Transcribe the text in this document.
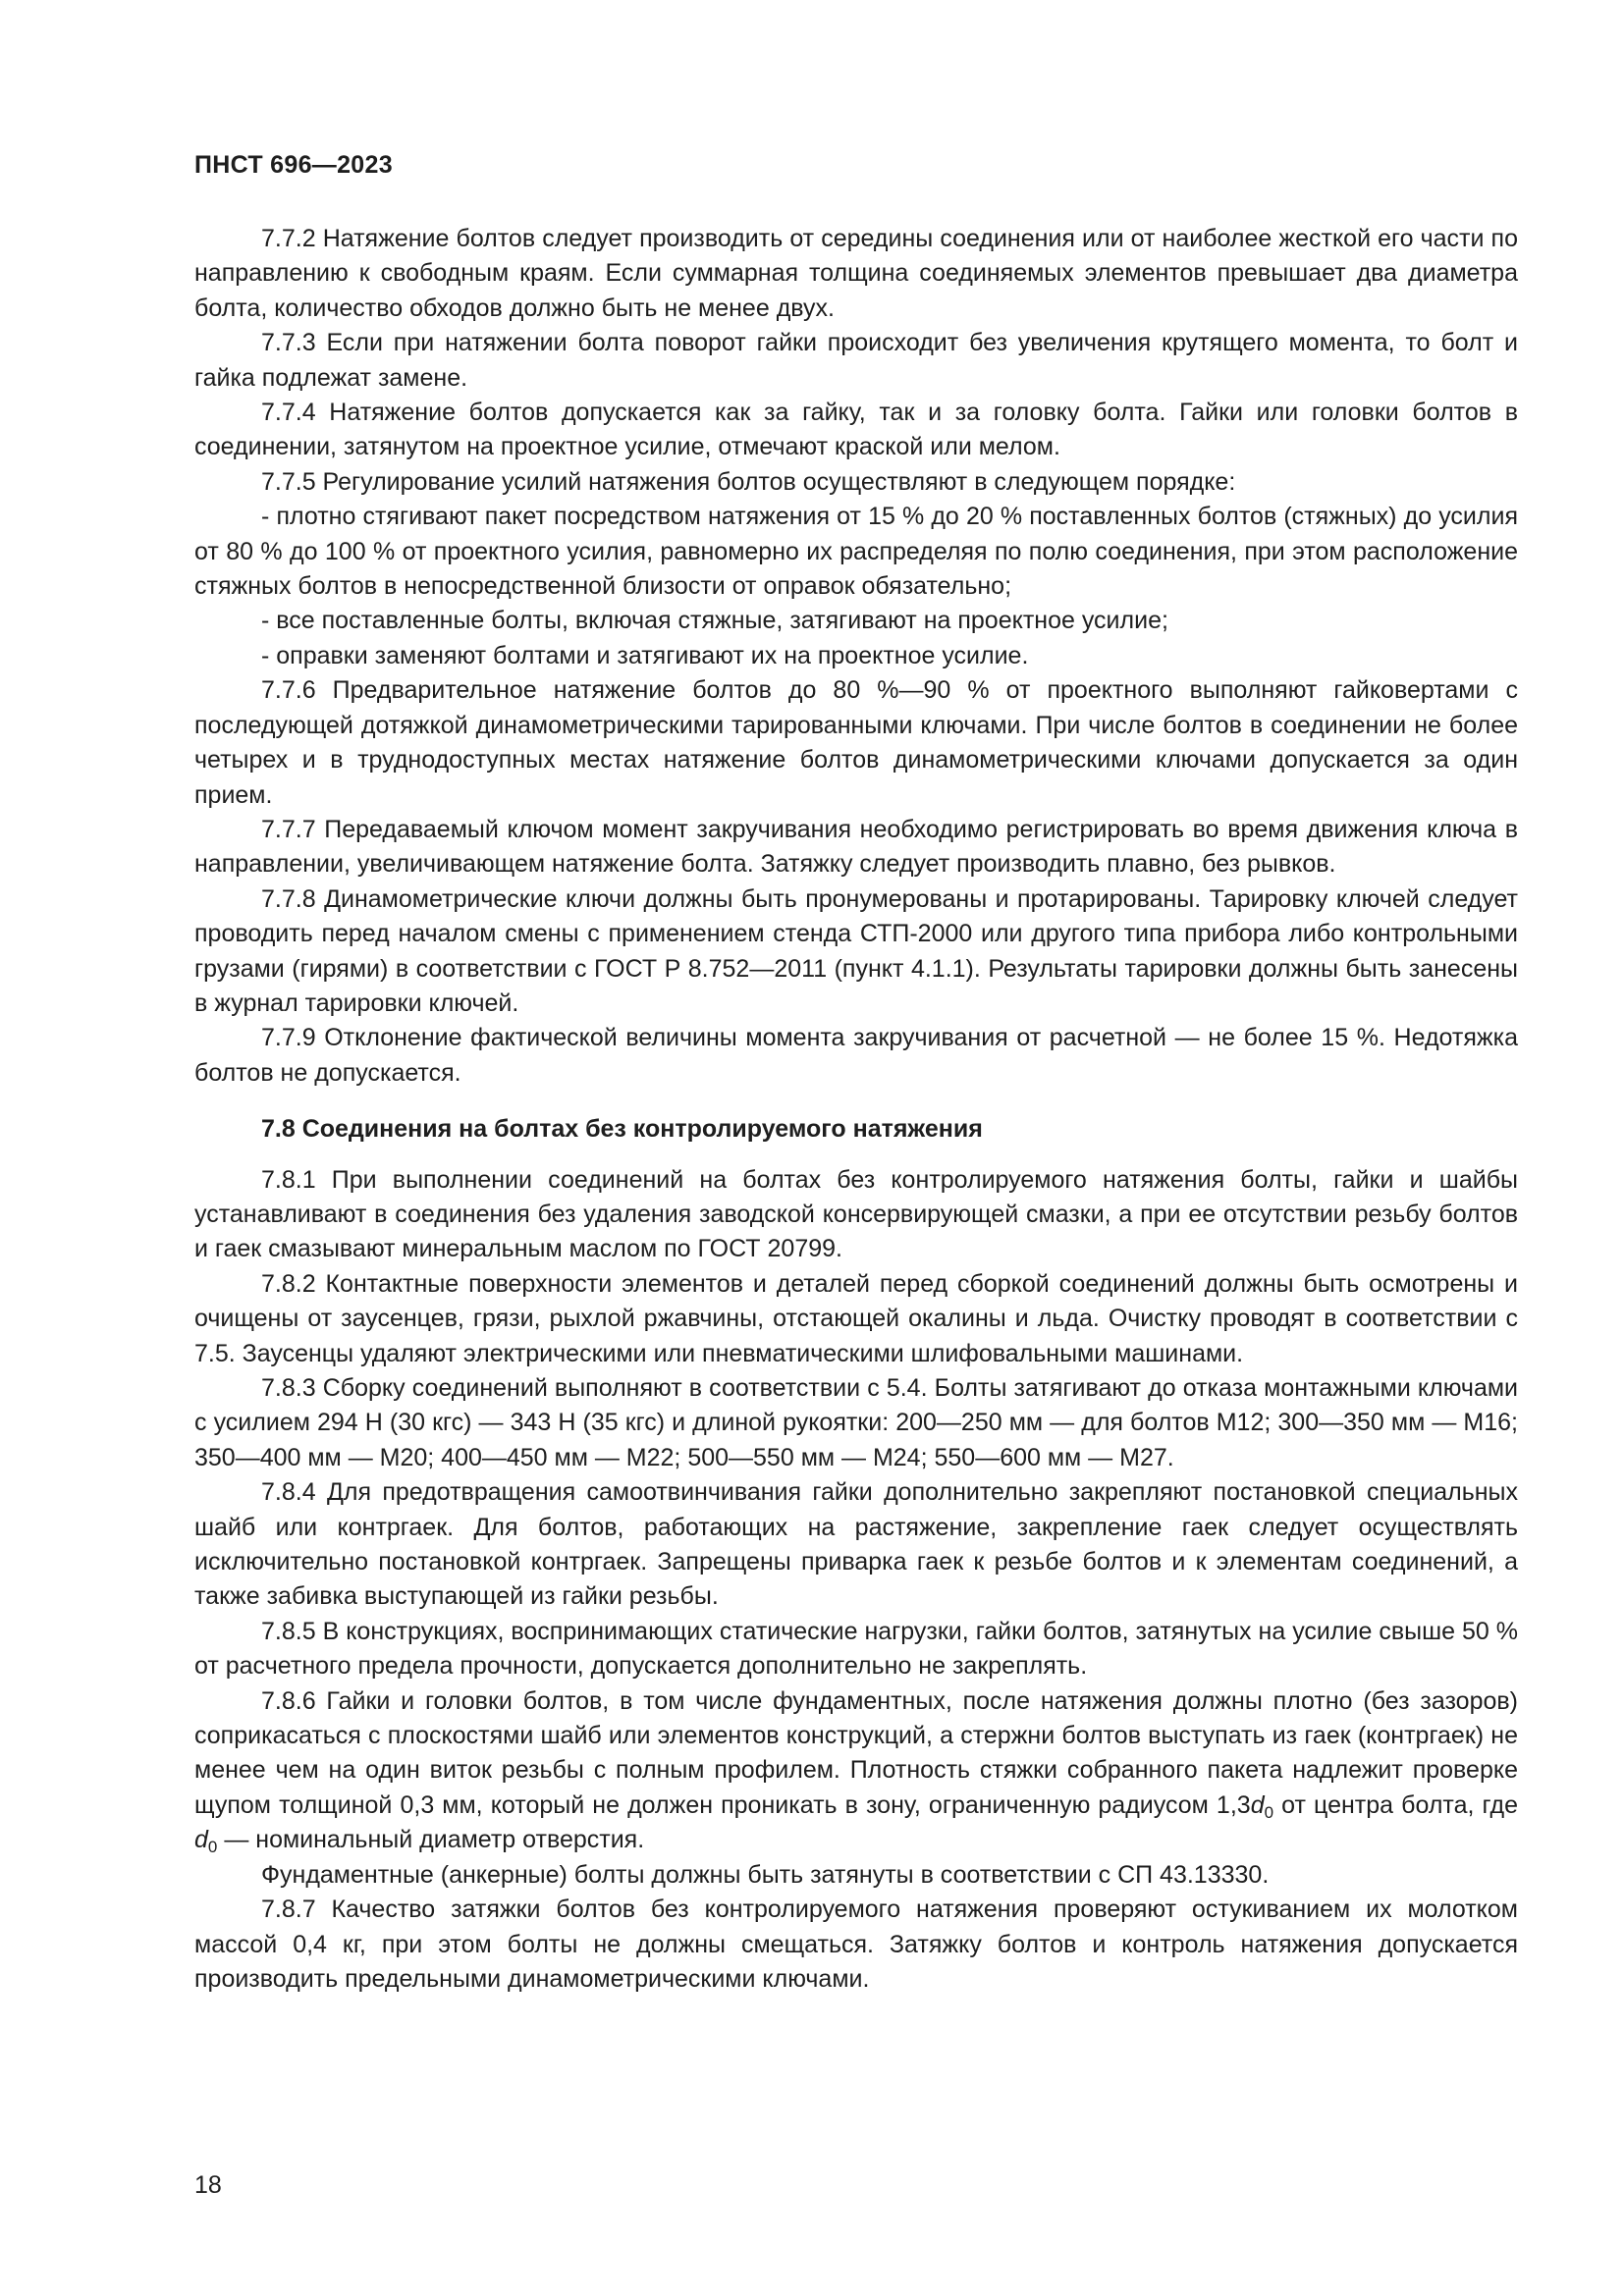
ПНСТ 696—2023

7.7.2 Натяжение болтов следует производить от середины соединения или от наиболее жесткой его части по направлению к свободным краям. Если суммарная толщина соединяемых элементов превышает два диаметра болта, количество обходов должно быть не менее двух.

7.7.3 Если при натяжении болта поворот гайки происходит без увеличения крутящего момента, то болт и гайка подлежат замене.

7.7.4 Натяжение болтов допускается как за гайку, так и за головку болта. Гайки или головки болтов в соединении, затянутом на проектное усилие, отмечают краской или мелом.

7.7.5 Регулирование усилий натяжения болтов осуществляют в следующем порядке:

- плотно стягивают пакет посредством натяжения от 15 % до 20 % поставленных болтов (стяжных) до усилия от 80 % до 100 % от проектного усилия, равномерно их распределяя по полю соединения, при этом расположение стяжных болтов в непосредственной близости от оправок обязательно;

- все поставленные болты, включая стяжные, затягивают на проектное усилие;

- оправки заменяют болтами и затягивают их на проектное усилие.

7.7.6 Предварительное натяжение болтов до 80 %—90 % от проектного выполняют гайковертами с последующей дотяжкой динамометрическими тарированными ключами. При числе болтов в соединении не более четырех и в труднодоступных местах натяжение болтов динамометрическими ключами допускается за один прием.

7.7.7 Передаваемый ключом момент закручивания необходимо регистрировать во время движения ключа в направлении, увеличивающем натяжение болта. Затяжку следует производить плавно, без рывков.

7.7.8 Динамометрические ключи должны быть пронумерованы и протарированы. Тарировку ключей следует проводить перед началом смены с применением стенда СТП-2000 или другого типа прибора либо контрольными грузами (гирями) в соответствии с ГОСТ Р 8.752—2011 (пункт 4.1.1). Результаты тарировки должны быть занесены в журнал тарировки ключей.

7.7.9 Отклонение фактической величины момента закручивания от расчетной — не более 15 %. Недотяжка болтов не допускается.

7.8 Соединения на болтах без контролируемого натяжения

7.8.1 При выполнении соединений на болтах без контролируемого натяжения болты, гайки и шайбы устанавливают в соединения без удаления заводской консервирующей смазки, а при ее отсутствии резьбу болтов и гаек смазывают минеральным маслом по ГОСТ 20799.

7.8.2 Контактные поверхности элементов и деталей перед сборкой соединений должны быть осмотрены и очищены от заусенцев, грязи, рыхлой ржавчины, отстающей окалины и льда. Очистку проводят в соответствии с 7.5. Заусенцы удаляют электрическими или пневматическими шлифовальными машинами.

7.8.3 Сборку соединений выполняют в соответствии с 5.4. Болты затягивают до отказа монтажными ключами с усилием 294 Н (30 кгс) — 343 Н (35 кгс) и длиной рукоятки: 200—250 мм — для болтов М12; 300—350 мм — М16; 350—400 мм — М20; 400—450 мм — М22; 500—550 мм — М24; 550—600 мм — М27.

7.8.4 Для предотвращения самоотвинчивания гайки дополнительно закрепляют постановкой специальных шайб или контргаек. Для болтов, работающих на растяжение, закрепление гаек следует осуществлять исключительно постановкой контргаек. Запрещены приварка гаек к резьбе болтов и к элементам соединений, а также забивка выступающей из гайки резьбы.

7.8.5 В конструкциях, воспринимающих статические нагрузки, гайки болтов, затянутых на усилие свыше 50 % от расчетного предела прочности, допускается дополнительно не закреплять.

7.8.6 Гайки и головки болтов, в том числе фундаментных, после натяжения должны плотно (без зазоров) соприкасаться с плоскостями шайб или элементов конструкций, а стержни болтов выступать из гаек (контргаек) не менее чем на один виток резьбы с полным профилем. Плотность стяжки собранного пакета надлежит проверке щупом толщиной 0,3 мм, который не должен проникать в зону, ограниченную радиусом $1,3d_0$ от центра болта, где $d_0$ — номинальный диаметр отверстия.

Фундаментные (анкерные) болты должны быть затянуты в соответствии с СП 43.13330.

7.8.7 Качество затяжки болтов без контролируемого натяжения проверяют остукиванием их молотком массой 0,4 кг, при этом болты не должны смещаться. Затяжку болтов и контроль натяжения допускается производить предельными динамометрическими ключами.

18
